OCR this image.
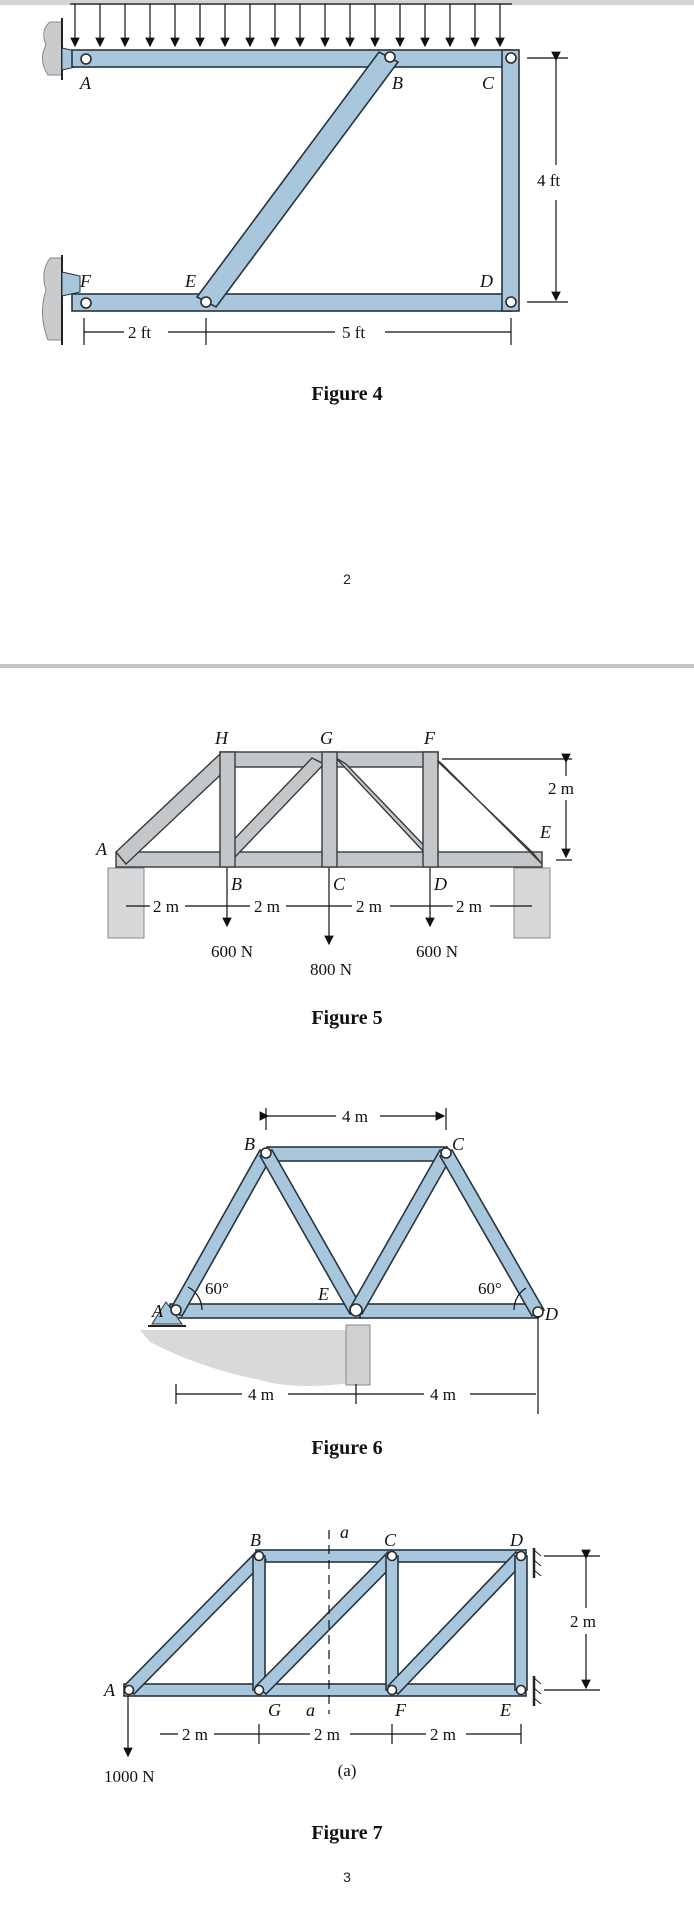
A	B	C
D
E
F
2 ft	5 ft
4 ft
Figure 4
2
H	G	F
A
B	C	D
E
600 N
800 N
600 N
2 m	2 m	2 m	2 m
2 m
Figure 5
A
B	C
D
E
60°	60°
4 m
4 m	4 m
Figure 6
A
B	C	D
G	F	E
a
a
1000 N
2 m	2 m	2 m
2 m
(a)
Figure 7
3
